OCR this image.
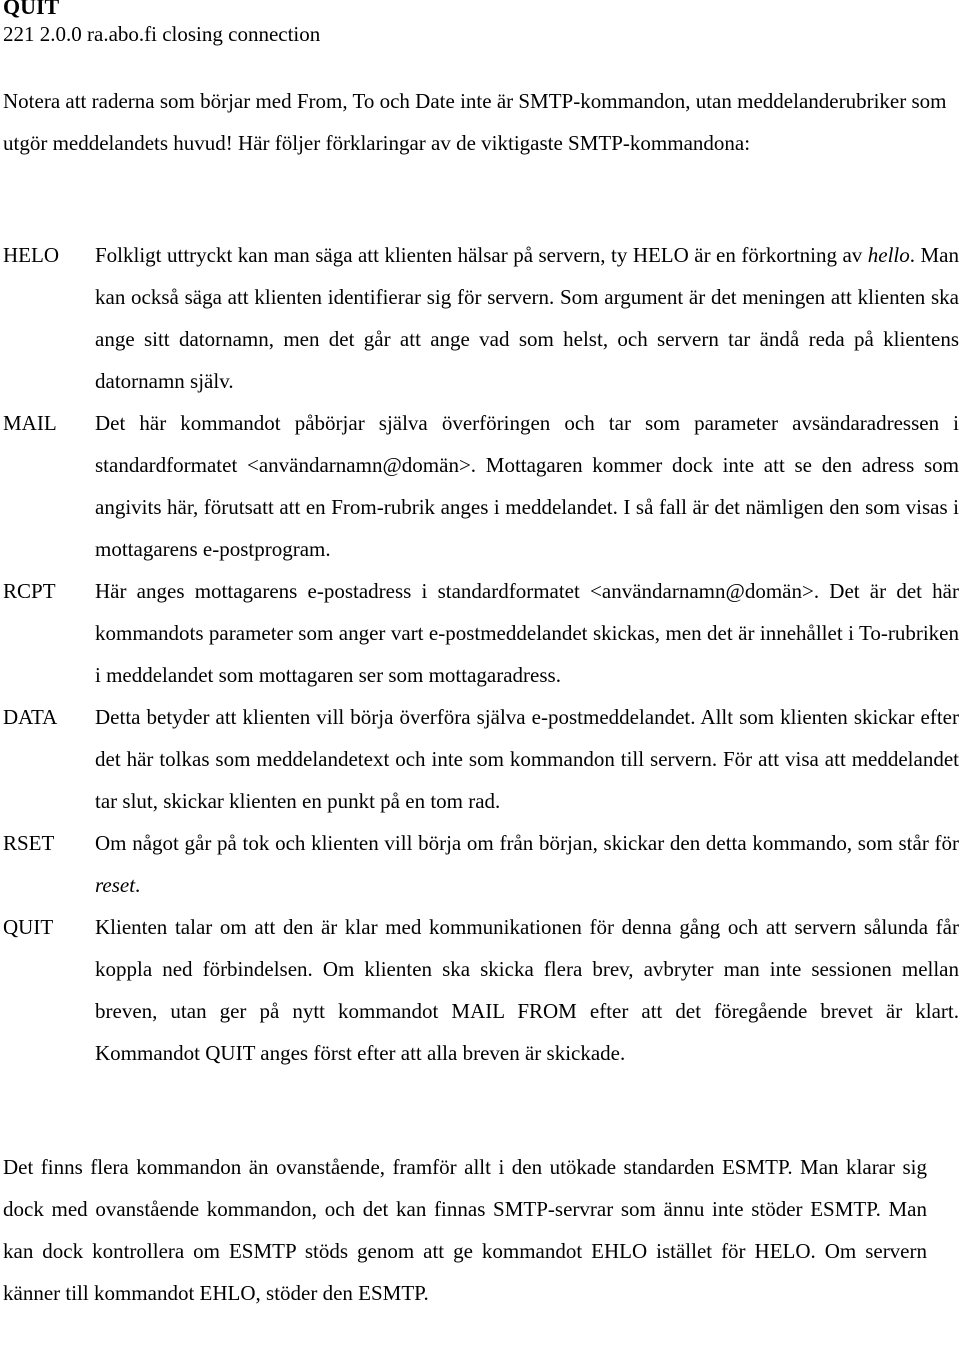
QUIT
221 2.0.0 ra.abo.fi closing connection

Notera att raderna som börjar med From, To och Date inte är SMTP-kommandon, utan meddelanderubriker som utgör meddelandets huvud! Här följer förklaringar av de viktigaste SMTP-kommandona:

HELO	Folkligt uttryckt kan man säga att klienten hälsar på servern, ty HELO är en förkortning av hello. Man kan också säga att klienten identifierar sig för servern. Som argument är det meningen att klienten ska ange sitt datornamn, men det går att ange vad som helst, och servern tar ändå reda på klientens datornamn själv.
MAIL	Det här kommandot påbörjar själva överföringen och tar som parameter avsändaradressen i standardformatet <användarnamn@domän>. Mottagaren kommer dock inte att se den adress som angivits här, förutsatt att en From-rubrik anges i meddelandet. I så fall är det nämligen den som visas i mottagarens e-postprogram.
RCPT	Här anges mottagarens e-postadress i standardformatet <användarnamn@domän>. Det är det här kommandots parameter som anger vart e-postmeddelandet skickas, men det är innehållet i To-rubriken i meddelandet som mottagaren ser som mottagaradress.
DATA	Detta betyder att klienten vill börja överföra själva e-postmeddelandet. Allt som klienten skickar efter det här tolkas som meddelandetext och inte som kommandon till servern. För att visa att meddelandet tar slut, skickar klienten en punkt på en tom rad.
RSET	Om något går på tok och klienten vill börja om från början, skickar den detta kommando, som står för reset.
QUIT	Klienten talar om att den är klar med kommunikationen för denna gång och att servern sålunda får koppla ned förbindelsen. Om klienten ska skicka flera brev, avbryter man inte sessionen mellan breven, utan ger på nytt kommandot MAIL FROM efter att det föregående brevet är klart. Kommandot QUIT anges först efter att alla breven är skickade.

Det finns flera kommandon än ovanstående, framför allt i den utökade standarden ESMTP. Man klarar sig dock med ovanstående kommandon, och det kan finnas SMTP-servrar som ännu inte stöder ESMTP. Man kan dock kontrollera om ESMTP stöds genom att ge kommandot EHLO istället för HELO. Om servern känner till kommandot EHLO, stöder den ESMTP.
